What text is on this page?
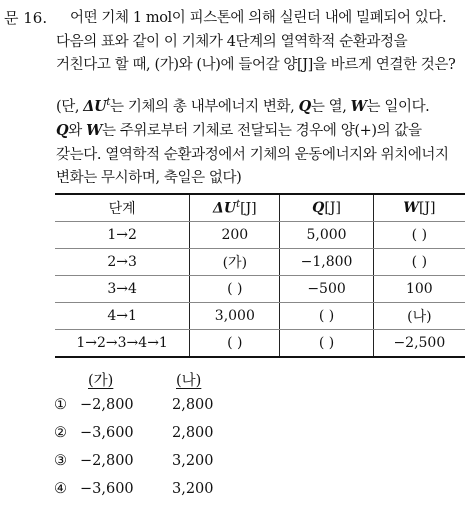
문 16.	어떤 기체 1 mol이 피스톤에 의해 실린더 내에 밀폐되어 있다.
다음의 표와 같이 이 기체가 4단계의 열역학적 순환과정을
거친다고 할 때, (가)와 (나)에 들어갈 양[J]을 바르게 연결한 것은?
(단, $\Delta U^t$는 기체의 총 내부에너지 변화, Q는 열, W는 일이다.
Q와 W는 주위로부터 기체로 전달되는 경우에 양(+)의 값을
갖는다. 열역학적 순환과정에서 기체의 운동에너지와 위치에너지
변화는 무시하며, 축일은 없다)
단계	$\Delta U^t[J]$	Q[J]	W[J]
1→2	200	5,000	( )
2→3	(가)	−1,800	( )
3→4	( )	−500	100
4→1	3,000	( )	(나)
1→2→3→4→1	( )	( )	−2,500
(가)	(나)
① −2,800	2,800
② −3,600	2,800
③ −2,800	3,200
④ −3,600	3,200
